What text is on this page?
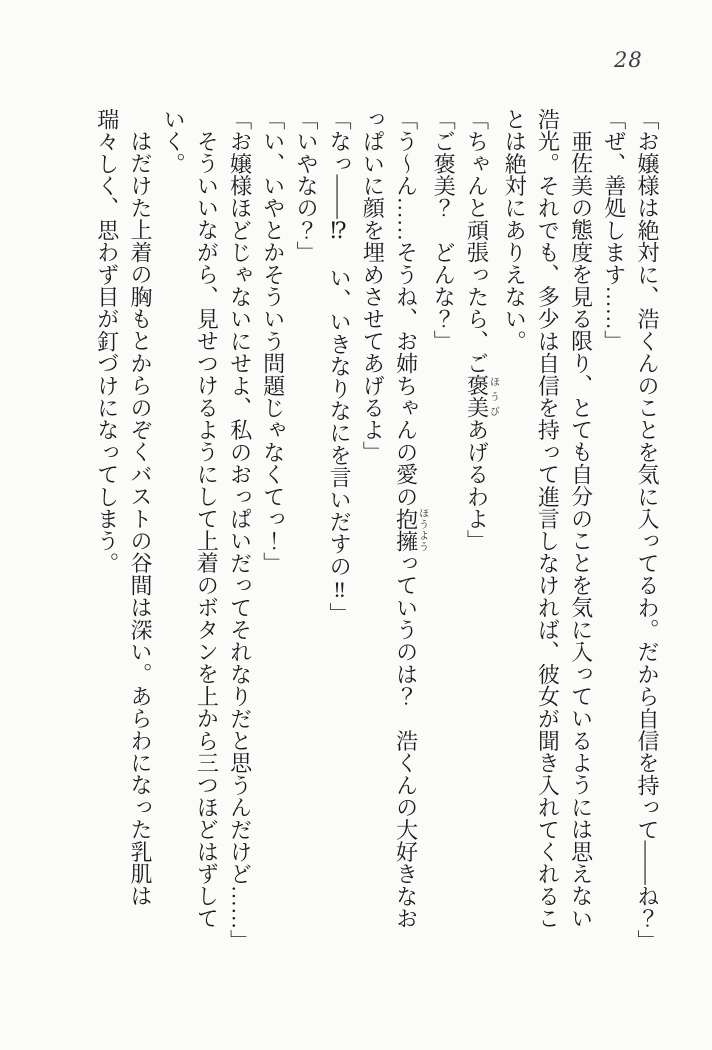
28

「お嬢様は絶対に、浩くんのことを気に入ってるわ。だから自信を持って――ね？」

「ぜ、善処します……」

亜佐美の態度を見る限り、とても自分のことを気に入っているようには思えない浩光。それでも、多少は自信を持って進言しなければ、彼女が聞き入れてくれることは絶対にありえない。

「ちゃんと頑張ったら、ご褒美ほうびあげるわよ」

「ご褒美？　どんな？」

「う〜ん……そうね、お姉ちゃんの愛の抱擁ほうようっていうのは？　浩くんの大好きなおっぱいに顔を埋めさせてあげるよ」

「なっ――⁉　い、いきなりなにを言いだすの‼」

「いやなの？」

「い、いやとかそういう問題じゃなくてっ！」

「お嬢様ほどじゃないにせよ、私のおっぱいだってそれなりだと思うんだけど……」

そういいながら、見せつけるようにして上着のボタンを上から三つほどはずしていく。

はだけた上着の胸もとからのぞくバストの谷間は深い。あらわになった乳肌は瑞々しく、思わず目が釘づけになってしまう。
